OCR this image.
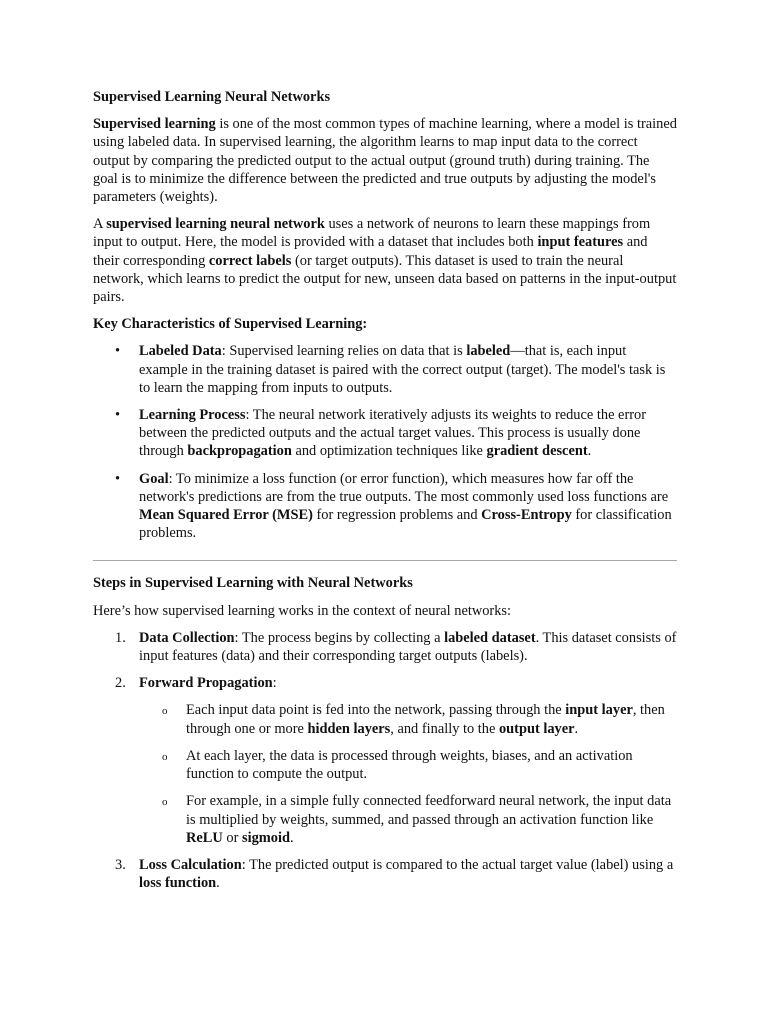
Supervised Learning Neural Networks

Supervised learning is one of the most common types of machine learning, where a model is trained using labeled data. In supervised learning, the algorithm learns to map input data to the correct output by comparing the predicted output to the actual output (ground truth) during training. The goal is to minimize the difference between the predicted and true outputs by adjusting the model's parameters (weights).

A supervised learning neural network uses a network of neurons to learn these mappings from input to output. Here, the model is provided with a dataset that includes both input features and their corresponding correct labels (or target outputs). This dataset is used to train the neural network, which learns to predict the output for new, unseen data based on patterns in the input-output pairs.

Key Characteristics of Supervised Learning:
• Labeled Data: Supervised learning relies on data that is labeled—that is, each input example in the training dataset is paired with the correct output (target). The model's task is to learn the mapping from inputs to outputs.
• Learning Process: The neural network iteratively adjusts its weights to reduce the error between the predicted outputs and the actual target values. This process is usually done through backpropagation and optimization techniques like gradient descent.
• Goal: To minimize a loss function (or error function), which measures how far off the network's predictions are from the true outputs. The most commonly used loss functions are Mean Squared Error (MSE) for regression problems and Cross-Entropy for classification problems.
Steps in Supervised Learning with Neural Networks

Here’s how supervised learning works in the context of neural networks:

1. Data Collection: The process begins by collecting a labeled dataset. This dataset consists of input features (data) and their corresponding target outputs (labels).
2. Forward Propagation:
o Each input data point is fed into the network, passing through the input layer, then through one or more hidden layers, and finally to the output layer.
o At each layer, the data is processed through weights, biases, and an activation function to compute the output.
o For example, in a simple fully connected feedforward neural network, the input data is multiplied by weights, summed, and passed through an activation function like ReLU or sigmoid.
3. Loss Calculation: The predicted output is compared to the actual target value (label) using a loss function.
